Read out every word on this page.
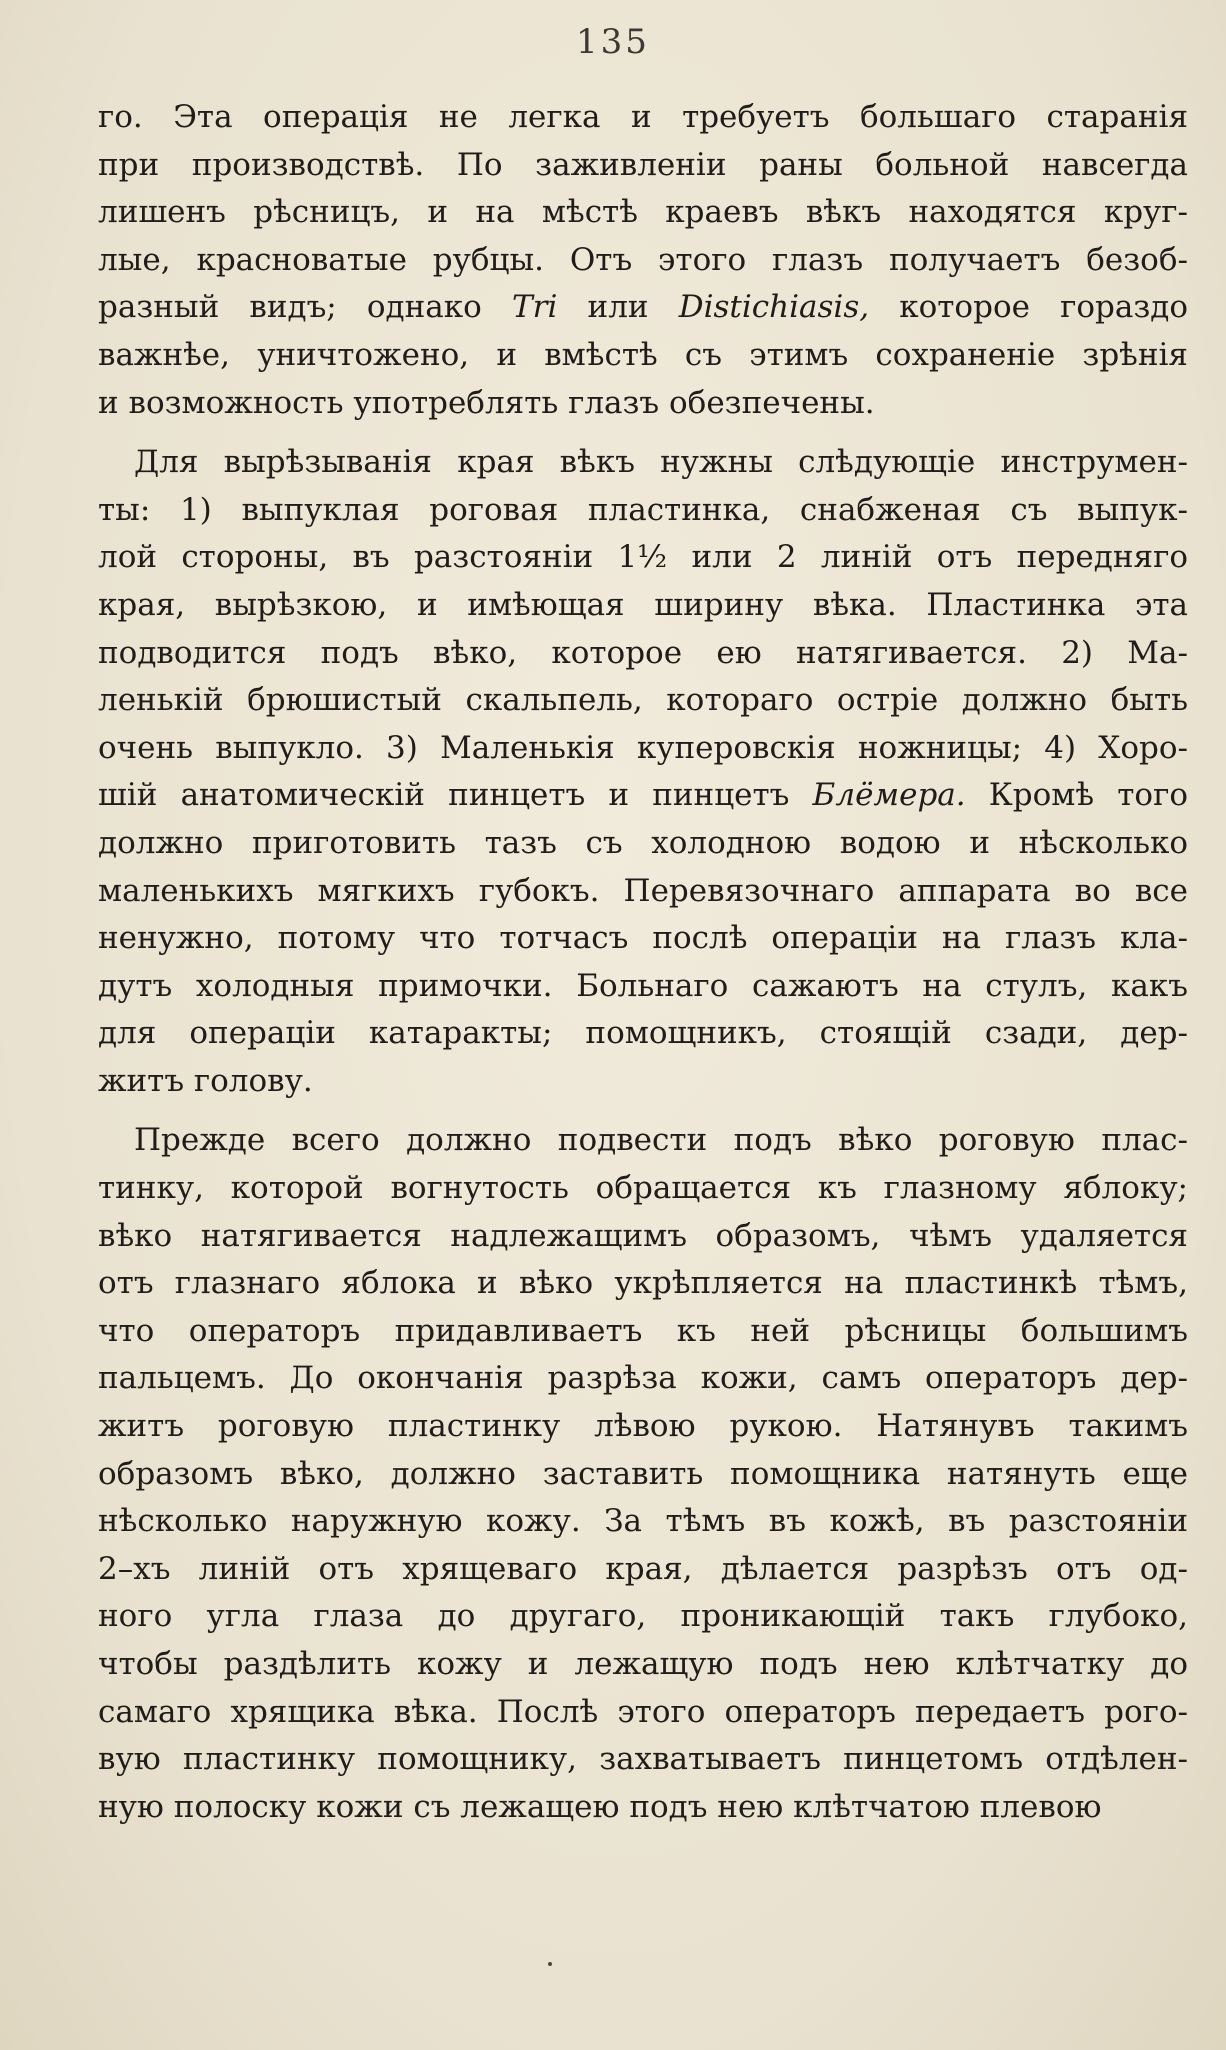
135
го. Эта операція не легка и требуетъ большаго старанія
при производствѣ. По заживленіи раны больной навсегда
лишенъ рѣсницъ, и на мѣстѣ краевъ вѣкъ находятся круг-
лые, красноватые рубцы. Отъ этого глазъ получаетъ безоб-
разный видъ; однако Tri или Distichiasis, которое гораздо
важнѣе, уничтожено, и вмѣстѣ съ этимъ сохраненіе зрѣнія
и возможность употреблять глазъ обезпечены.
Для вырѣзыванія края вѣкъ нужны слѣдующіе инструмен-
ты: 1) выпуклая роговая пластинка, снабженая съ выпук-
лой стороны, въ разстояніи 1½ или 2 линій отъ передняго
края, вырѣзкою, и имѣющая ширину вѣка. Пластинка эта
подводится подъ вѣко, которое ею натягивается. 2) Ма-
ленькій брюшистый скальпель, котораго остріе должно быть
очень выпукло. 3) Маленькія куперовскія ножницы; 4) Хоро-
шій анатомическій пинцетъ и пинцетъ Блёмера. Кромѣ того
должно приготовить тазъ съ холодною водою и нѣсколько
маленькихъ мягкихъ губокъ. Перевязочнаго аппарата во все
ненужно, потому что тотчасъ послѣ операціи на глазъ кла-
дутъ холодныя примочки. Больнаго сажаютъ на стулъ, какъ
для операціи катаракты; помощникъ, стоящій сзади, дер-
житъ голову.
Прежде всего должно подвести подъ вѣко роговую плас-
тинку, которой вогнутость обращается къ глазному яблоку;
вѣко натягивается надлежащимъ образомъ, чѣмъ удаляется
отъ глазнаго яблока и вѣко укрѣпляется на пластинкѣ тѣмъ,
что операторъ придавливаетъ къ ней рѣсницы большимъ
пальцемъ. До окончанія разрѣза кожи, самъ операторъ дер-
житъ роговую пластинку лѣвою рукою. Натянувъ такимъ
образомъ вѣко, должно заставить помощника натянуть еще
нѣсколько наружную кожу. За тѣмъ въ кожѣ, въ разстояніи
2–хъ линій отъ хрящеваго края, дѣлается разрѣзъ отъ од-
ного угла глаза до другаго, проникающій такъ глубоко,
чтобы раздѣлить кожу и лежащую подъ нею клѣтчатку до
самаго хрящика вѣка. Послѣ этого операторъ передаетъ рого-
вую пластинку помощнику, захватываетъ пинцетомъ отдѣлен-
ную полоску кожи съ лежащею подъ нею клѣтчатою плевою
